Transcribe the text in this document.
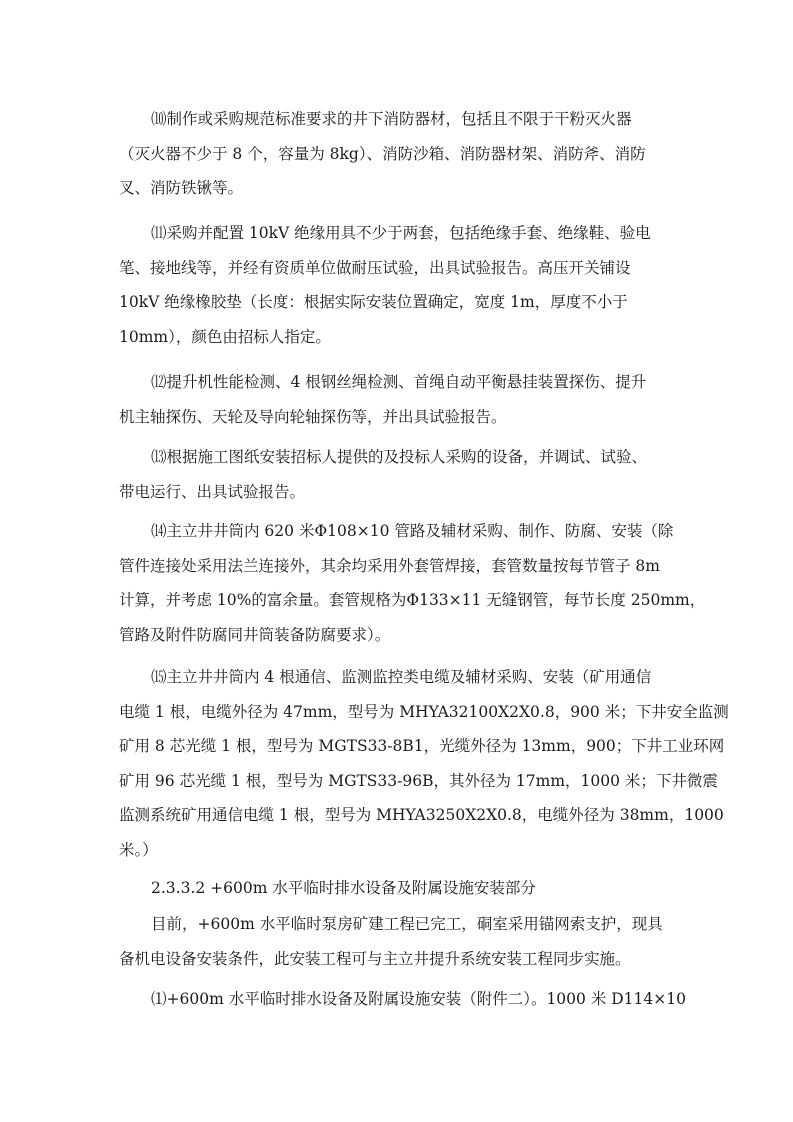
⑽制作或采购规范标准要求的井下消防器材，包括且不限于干粉灭火器
（灭火器不少于 8 个，容量为 8kg）、消防沙箱、消防器材架、消防斧、消防
叉、消防铁锹等。

⑾采购并配置 10kV 绝缘用具不少于两套，包括绝缘手套、绝缘鞋、验电
笔、接地线等，并经有资质单位做耐压试验，出具试验报告。高压开关铺设
10kV 绝缘橡胶垫（长度：根据实际安装位置确定，宽度 1m，厚度不小于
10mm），颜色由招标人指定。

⑿提升机性能检测、4 根钢丝绳检测、首绳自动平衡悬挂装置探伤、提升
机主轴探伤、天轮及导向轮轴探伤等，并出具试验报告。

⒀根据施工图纸安装招标人提供的及投标人采购的设备，并调试、试验、
带电运行、出具试验报告。

⒁主立井井筒内 620 米Φ108×10 管路及辅材采购、制作、防腐、安装（除
管件连接处采用法兰连接外，其余均采用外套管焊接，套管数量按每节管子 8m
计算，并考虑 10%的富余量。套管规格为Φ133×11 无缝钢管，每节长度 250mm，
管路及附件防腐同井筒装备防腐要求）。

⒂主立井井筒内 4 根通信、监测监控类电缆及辅材采购、安装（矿用通信
电缆 1 根，电缆外径为 47mm，型号为 MHYA32100X2X0.8，900 米；下井安全监测
矿用 8 芯光缆 1 根，型号为 MGTS33-8B1，光缆外径为 13mm，900；下井工业环网
矿用 96 芯光缆 1 根，型号为 MGTS33-96B，其外径为 17mm，1000 米；下井微震
监测系统矿用通信电缆 1 根，型号为 MHYA3250X2X0.8，电缆外径为 38mm，1000
米。）

2.3.3.2 +600m 水平临时排水设备及附属设施安装部分

目前，+600m 水平临时泵房矿建工程已完工，硐室采用锚网索支护，现具
备机电设备安装条件，此安装工程可与主立井提升系统安装工程同步实施。

⑴+600m 水平临时排水设备及附属设施安装（附件二）。1000 米 D114×10
